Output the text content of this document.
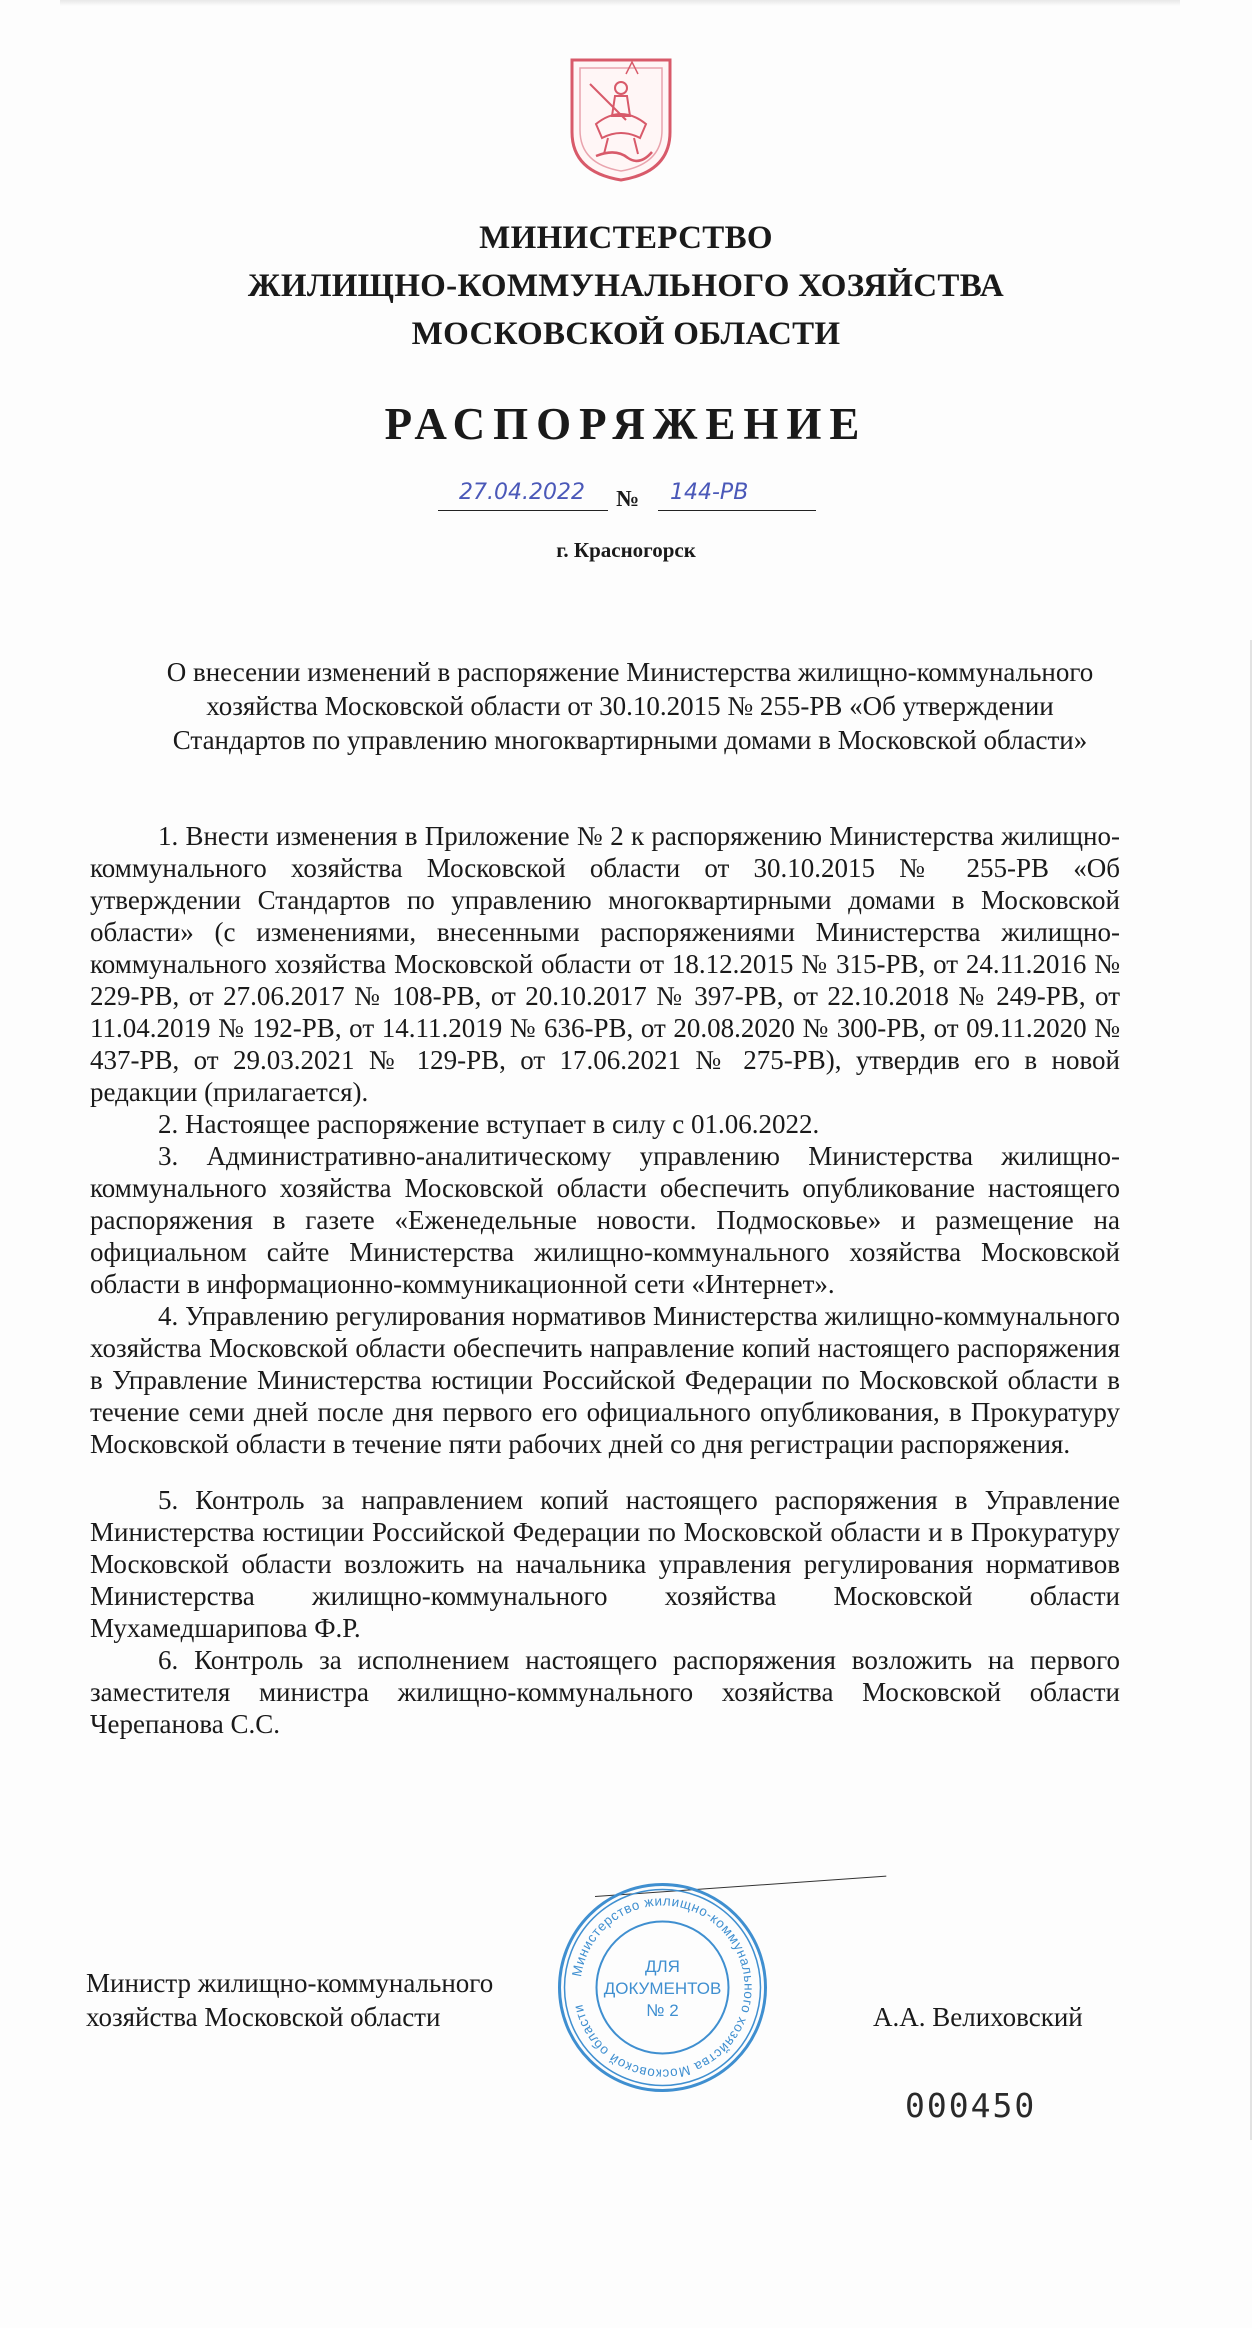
МИНИСТЕРСТВО
ЖИЛИЩНО-КОММУНАЛЬНОГО ХОЗЯЙСТВА
МОСКОВСКОЙ ОБЛАСТИ
РАСПОРЯЖЕНИЕ
27.04.2022	№ 144-РВ
г. Красногорск
О внесении изменений в распоряжение Министерства жилищно-коммунального
хозяйства Московской области от 30.10.2015 № 255-РВ «Об утверждении
Стандартов по управлению многоквартирными домами в Московской области»

1. Внести изменения в Приложение № 2 к распоряжению Министерства жилищно-коммунального хозяйства Московской области от 30.10.2015 № 255-РВ «Об утверждении Стандартов по управлению многоквартирными домами в Московской области» (с изменениями, внесенными распоряжениями Министерства жилищно-коммунального хозяйства Московской области от 18.12.2015 № 315-РВ, от 24.11.2016 № 229-РВ, от 27.06.2017 № 108-РВ, от 20.10.2017 № 397-РВ, от 22.10.2018 № 249-РВ, от 11.04.2019 № 192-РВ, от 14.11.2019 № 636-РВ, от 20.08.2020 № 300-РВ, от 09.11.2020 № 437-РВ, от 29.03.2021 № 129-РВ, от 17.06.2021 № 275-РВ), утвердив его в новой редакции (прилагается).

2. Настоящее распоряжение вступает в силу с 01.06.2022.

3. Административно-аналитическому управлению Министерства жилищно-коммунального хозяйства Московской области обеспечить опубликование настоящего распоряжения в газете «Еженедельные новости. Подмосковье» и размещение на официальном сайте Министерства жилищно-коммунального хозяйства Московской области в информационно-коммуникационной сети «Интернет».

4. Управлению регулирования нормативов Министерства жилищно-коммунального хозяйства Московской области обеспечить направление копий настоящего распоряжения в Управление Министерства юстиции Российской Федерации по Московской области в течение семи дней после дня первого его официального опубликования, в Прокуратуру Московской области в течение пяти рабочих дней со дня регистрации распоряжения.

5. Контроль за направлением копий настоящего распоряжения в Управление Министерства юстиции Российской Федерации по Московской области и в Прокуратуру Московской области возложить на начальника управления регулирования нормативов Министерства жилищно-коммунального хозяйства Московской области Мухамедшарипова Ф.Р.

6. Контроль за исполнением настоящего распоряжения возложить на первого заместителя министра жилищно-коммунального хозяйства Московской области Черепанова С.С.

Министр жилищно-коммунального
хозяйства Московской области
Министерство жилищно-коммунального хозяйства Московской области
ДЛЯ
ДОКУМЕНТОВ
№ 2	А.А. Велиховский
000450
